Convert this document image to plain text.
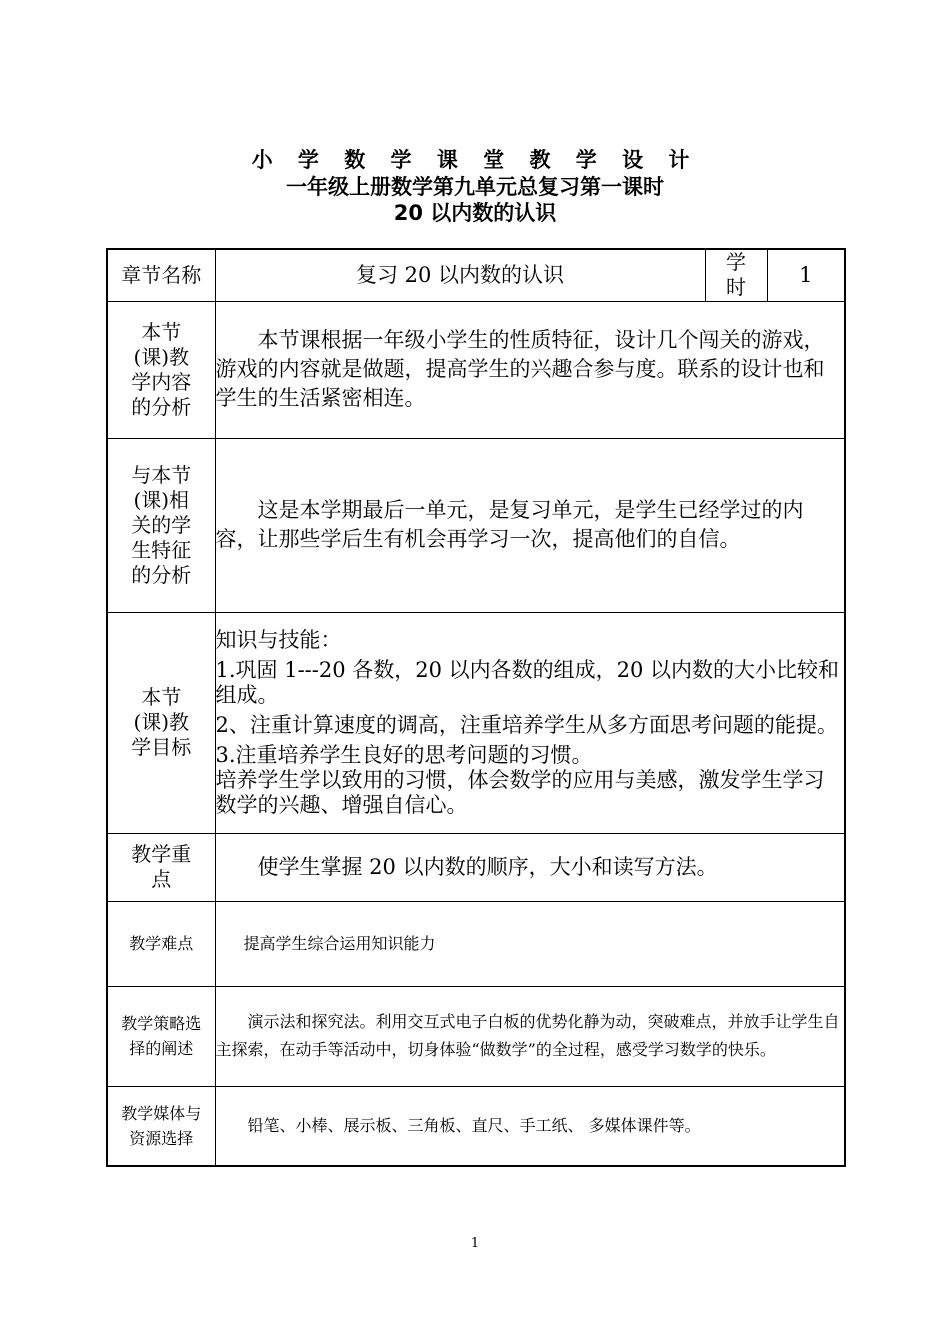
小 学 数 学 课 堂 教 学 设 计
一年级上册数学第九单元总复习第一课时
20 以内数的认识
章节名称	复习 20 以内数的认识	学时	1
本节(课)教学内容的分析	本节课根据一年级小学生的性质特征，设计几个闯关的游戏，游戏的内容就是做题，提高学生的兴趣合参与度。联系的设计也和学生的生活紧密相连。		
与本节(课)相关的学生特征的分析	这是本学期最后一单元，是复习单元，是学生已经学过的内容，让那些学后生有机会再学习一次，提高他们的自信。		
本节(课)教学目标	知识与技能：

1.巩固 1---20 各数，20 以内各数的组成，20 以内数的大小比较和组成。

2、注重计算速度的调高，注重培养学生从多方面思考问题的能提。

3.注重培养学生良好的思考问题的习惯。

培养学生学以致用的习惯，体会数学的应用与美感，激发学生学习数学的兴趣、增强自信心。		

教学重点	使学生掌握 20 以内数的顺序，大小和读写方法。		
教学难点	提高学生综合运用知识能力		
教学策略选择的阐述	演示法和探究法。利用交互式电子白板的优势化静为动，突破难点，并放手让学生自主探索，在动手等活动中，切身体验“做数学”的全过程，感受学习数学的快乐。		
教学媒体与资源选择	铅笔、小棒、展示板、三角板、直尺、手工纸、 多媒体课件等。		
1
